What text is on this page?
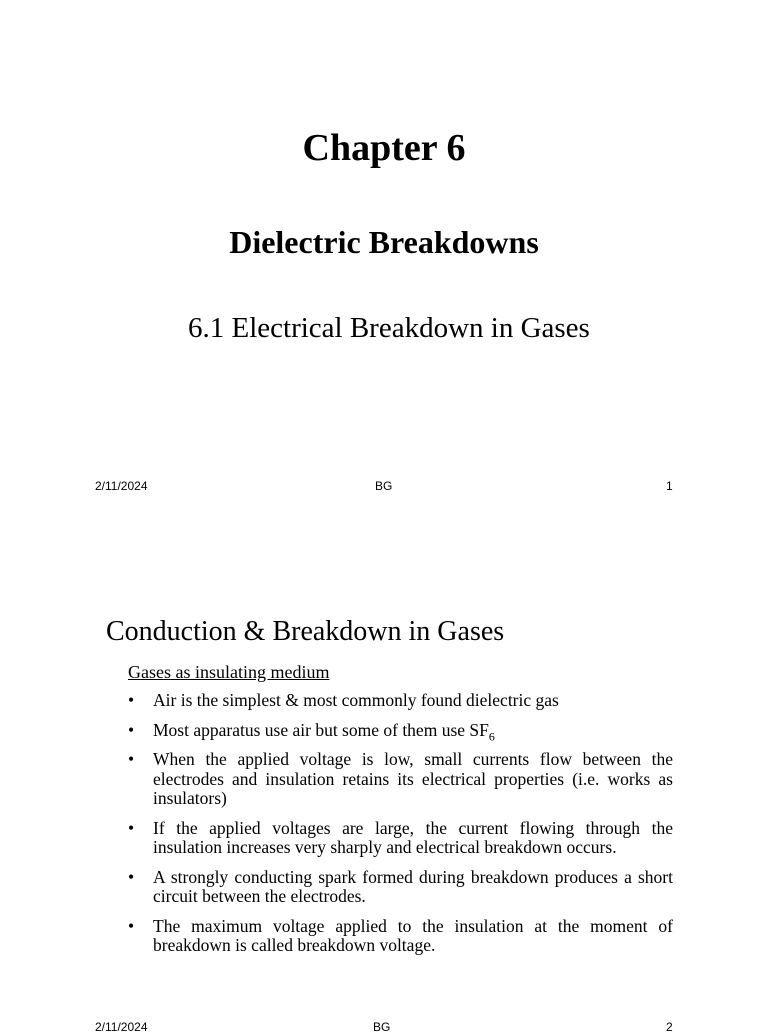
Chapter 6
Dielectric Breakdowns
6.1 Electrical Breakdown in Gases
2/11/2024	BG	1
Conduction & Breakdown in Gases
Gases as insulating medium
• Air is the simplest & most commonly found dielectric gas
• Most apparatus use air but some of them use $SF_6$
• When the applied voltage is low, small currents flow between the electrodes and insulation retains its electrical properties (i.e. works as insulators)
• If the applied voltages are large, the current flowing through the insulation increases very sharply and electrical breakdown occurs.
• A strongly conducting spark formed during breakdown produces a short circuit between the electrodes.
• The maximum voltage applied to the insulation at the moment of breakdown is called breakdown voltage.
2/11/2024	BG	2
